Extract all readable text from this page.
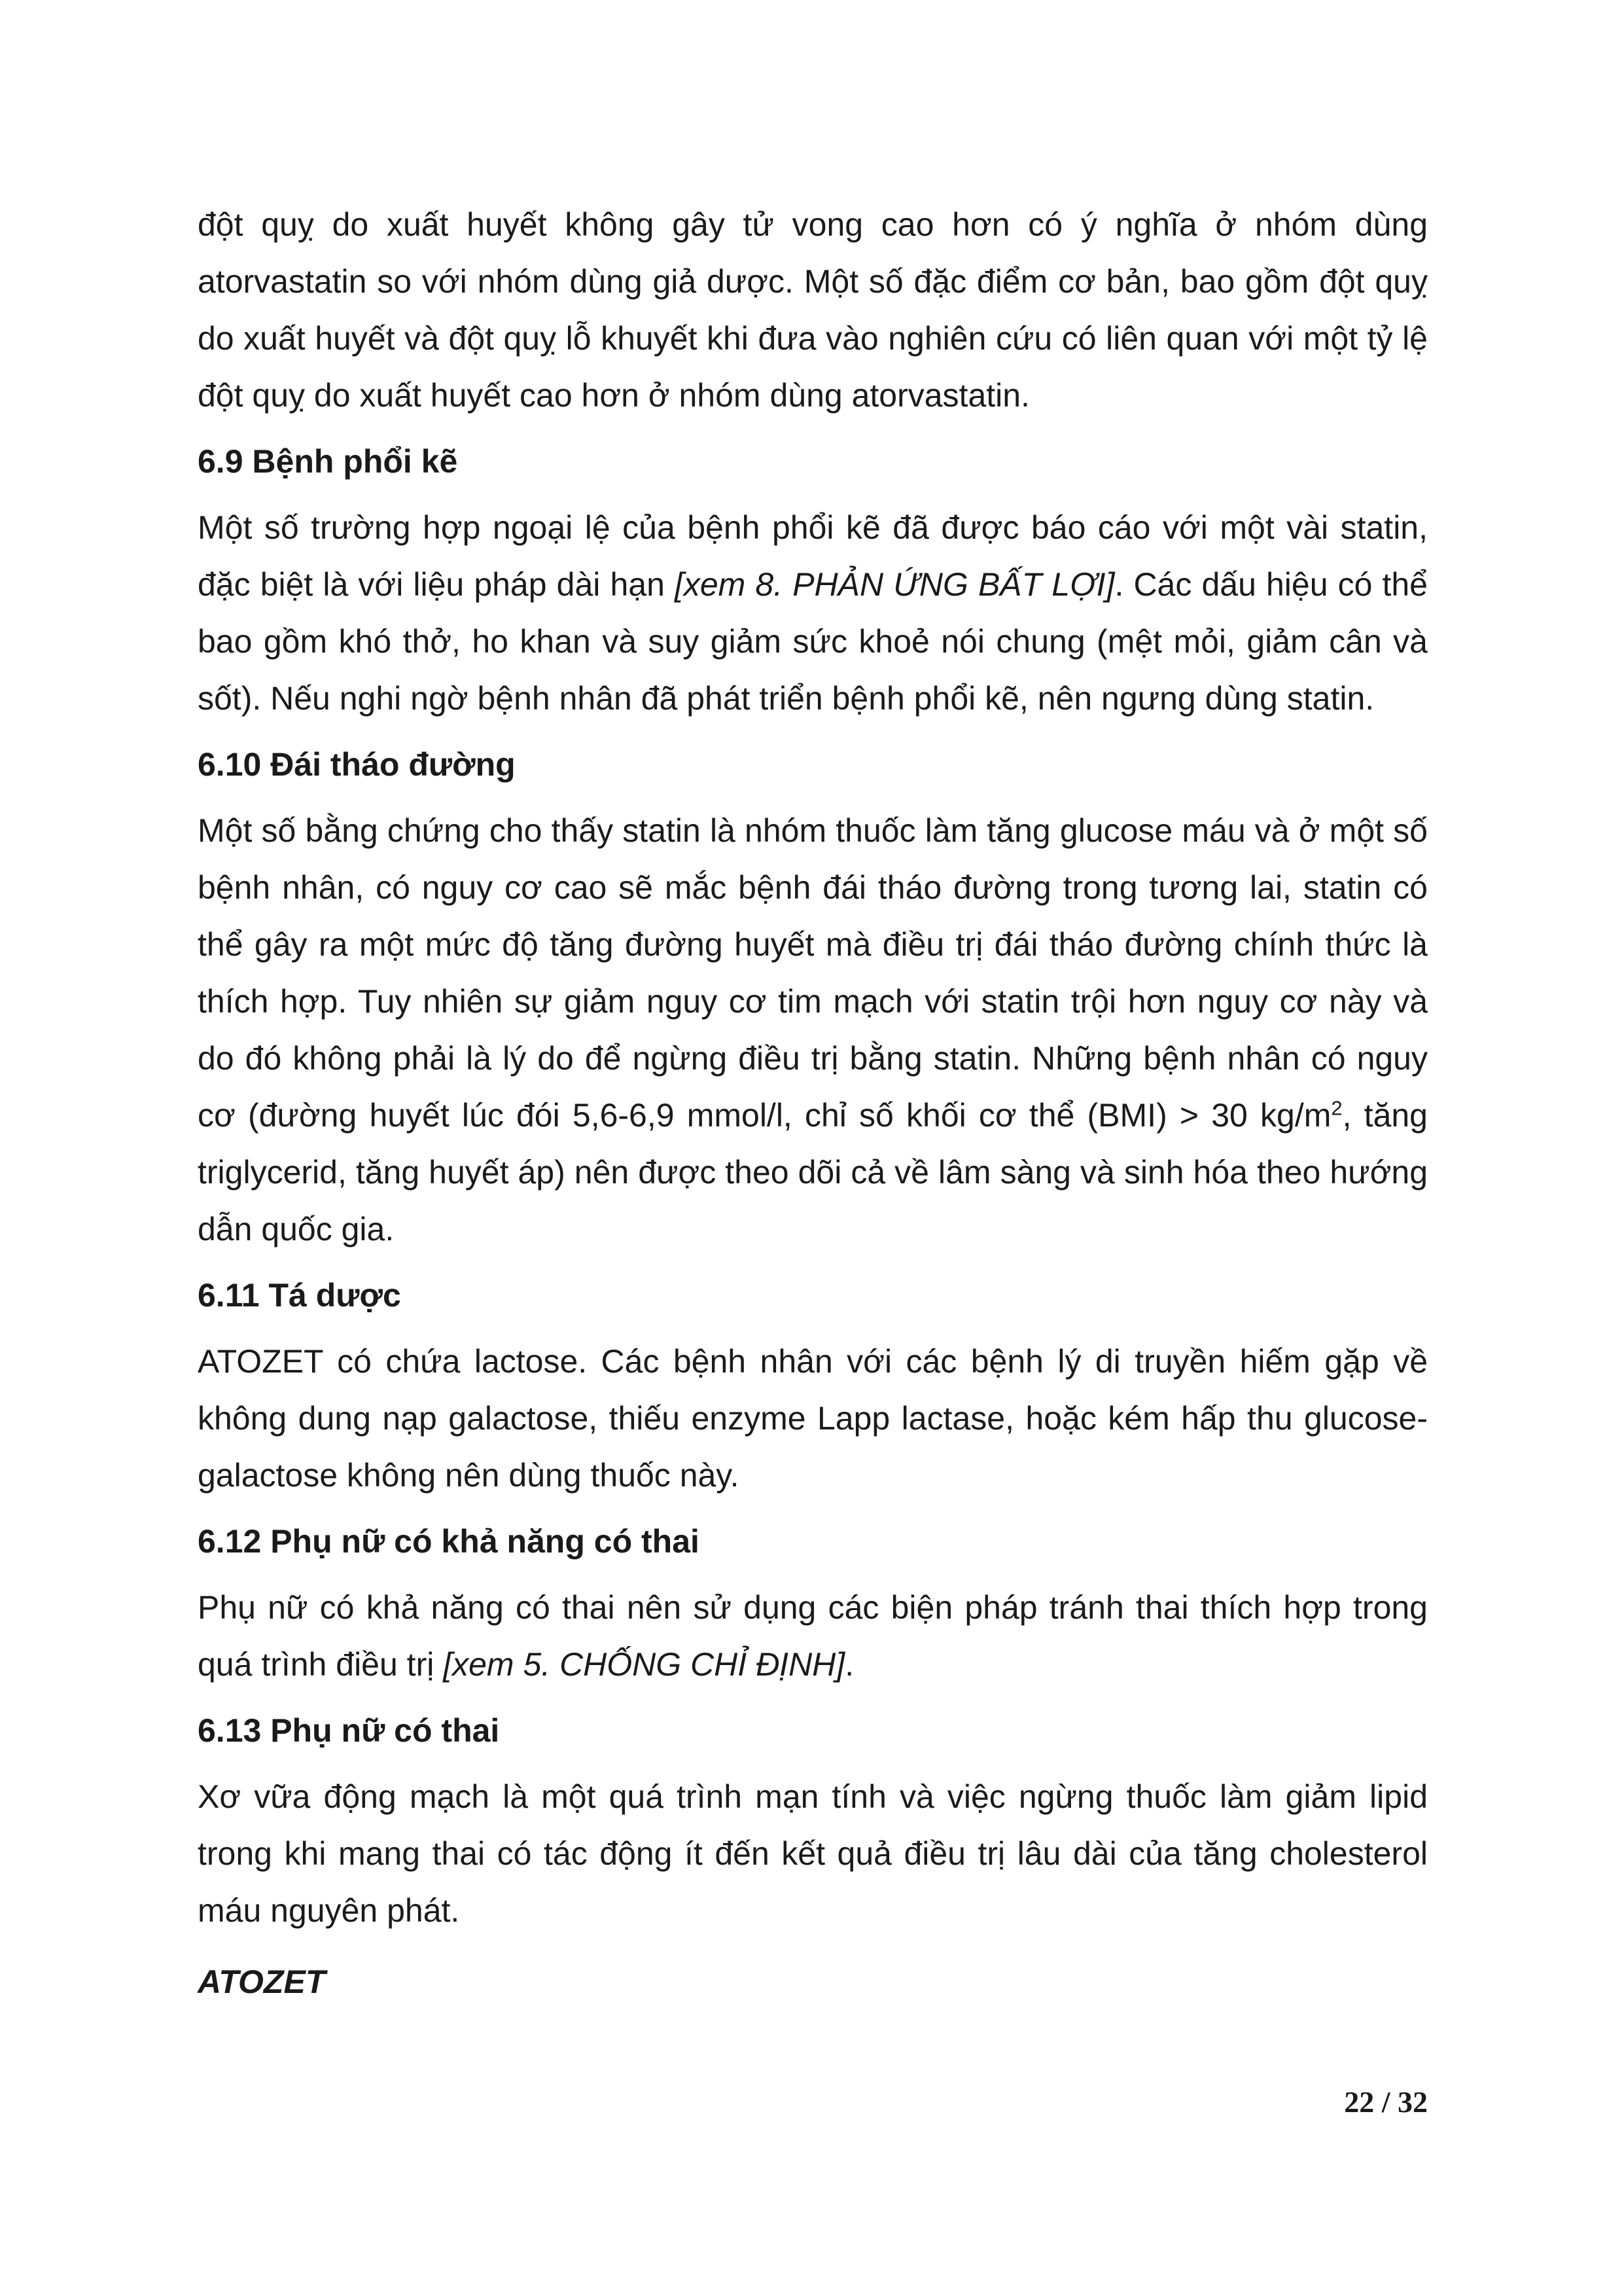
đột quỵ do xuất huyết không gây tử vong cao hơn có ý nghĩa ở nhóm dùng atorvastatin so với nhóm dùng giả dược. Một số đặc điểm cơ bản, bao gồm đột quỵ do xuất huyết và đột quỵ lỗ khuyết khi đưa vào nghiên cứu có liên quan với một tỷ lệ đột quỵ do xuất huyết cao hơn ở nhóm dùng atorvastatin.

6.9 Bệnh phổi kẽ

Một số trường hợp ngoại lệ của bệnh phổi kẽ đã được báo cáo với một vài statin, đặc biệt là với liệu pháp dài hạn [xem 8. PHẢN ỨNG BẤT LỢI]. Các dấu hiệu có thể bao gồm khó thở, ho khan và suy giảm sức khoẻ nói chung (mệt mỏi, giảm cân và sốt). Nếu nghi ngờ bệnh nhân đã phát triển bệnh phổi kẽ, nên ngưng dùng statin.

6.10 Đái tháo đường

Một số bằng chứng cho thấy statin là nhóm thuốc làm tăng glucose máu và ở một số bệnh nhân, có nguy cơ cao sẽ mắc bệnh đái tháo đường trong tương lai, statin có thể gây ra một mức độ tăng đường huyết mà điều trị đái tháo đường chính thức là thích hợp. Tuy nhiên sự giảm nguy cơ tim mạch với statin trội hơn nguy cơ này và do đó không phải là lý do để ngừng điều trị bằng statin. Những bệnh nhân có nguy cơ (đường huyết lúc đói 5,6-6,9 mmol/l, chỉ số khối cơ thể (BMI) > 30 $kg/m^2$, tăng triglycerid, tăng huyết áp) nên được theo dõi cả về lâm sàng và sinh hóa theo hướng dẫn quốc gia.

6.11 Tá dược

ATOZET có chứa lactose. Các bệnh nhân với các bệnh lý di truyền hiếm gặp về không dung nạp galactose, thiếu enzyme Lapp lactase, hoặc kém hấp thu glucose-galactose không nên dùng thuốc này.

6.12 Phụ nữ có khả năng có thai

Phụ nữ có khả năng có thai nên sử dụng các biện pháp tránh thai thích hợp trong quá trình điều trị [xem 5. CHỐNG CHỈ ĐỊNH].

6.13 Phụ nữ có thai

Xơ vữa động mạch là một quá trình mạn tính và việc ngừng thuốc làm giảm lipid trong khi mang thai có tác động ít đến kết quả điều trị lâu dài của tăng cholesterol máu nguyên phát.

ATOZET
22 / 32
